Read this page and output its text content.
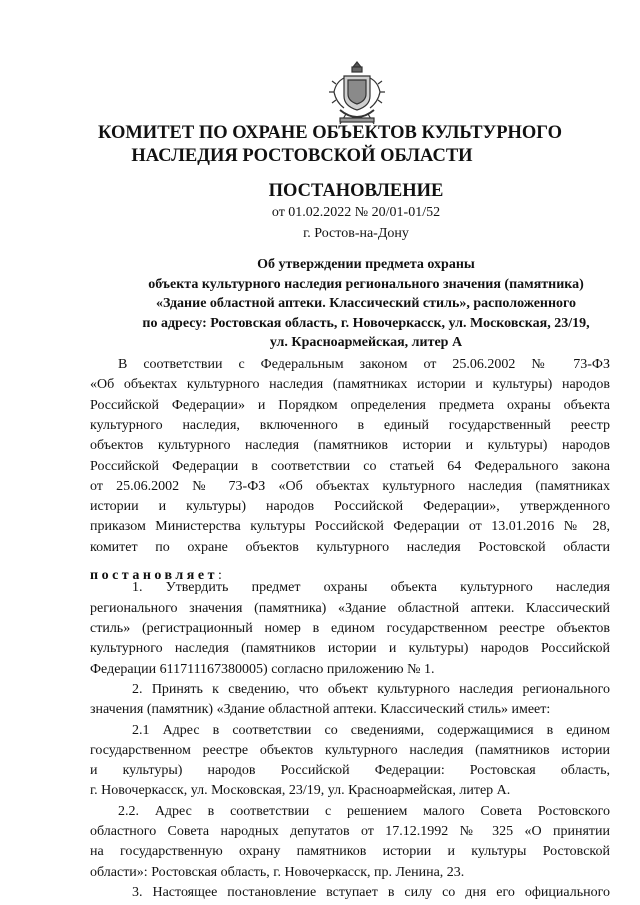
КОМИТЕТ ПО ОХРАНЕ ОБЪЕКТОВ КУЛЬТУРНОГО
НАСЛЕДИЯ РОСТОВСКОЙ ОБЛАСТИ
ПОСТАНОВЛЕНИЕ
от 01.02.2022 № 20/01-01/52
г. Ростов-на-Дону
Об утверждении предмета охраны
объекта культурного наследия регионального значения (памятника)
«Здание областной аптеки. Классический стиль», расположенного
по адресу: Ростовская область, г. Новочеркасск, ул. Московская, 23/19,
ул. Красноармейская, литер А
В соответствии с Федеральным законом от 25.06.2002 № 73-ФЗ
«Об объектах культурного наследия (памятниках истории и культуры) народов
Российской Федерации» и Порядком определения предмета охраны объекта
культурного наследия, включенного в единый государственный реестр
объектов культурного наследия (памятников истории и культуры) народов
Российской Федерации в соответствии со статьей 64 Федерального закона
от 25.06.2002 № 73-ФЗ «Об объектах культурного наследия (памятниках
истории и культуры) народов Российской Федерации», утвержденного
приказом Министерства культуры Российской Федерации от 13.01.2016 № 28,
комитет по охране объектов культурного наследия Ростовской области
постановляет:
1. Утвердить предмет охраны объекта культурного наследия
регионального значения (памятника) «Здание областной аптеки. Классический
стиль» (регистрационный номер в едином государственном реестре объектов
культурного наследия (памятников истории и культуры) народов Российской
Федерации 611711167380005) согласно приложению № 1.
2. Принять к сведению, что объект культурного наследия регионального
значения (памятник) «Здание областной аптеки. Классический стиль» имеет:
2.1 Адрес в соответствии со сведениями, содержащимися в едином
государственном реестре объектов культурного наследия (памятников истории
и культуры) народов Российской Федерации: Ростовская область,
г. Новочеркасск, ул. Московская, 23/19, ул. Красноармейская, литер А.
2.2. Адрес в соответствии с решением малого Совета Ростовского
областного Совета народных депутатов от 17.12.1992 № 325 «О принятии
на государственную охрану памятников истории и культуры Ростовской
области»: Ростовская область, г. Новочеркасск, пр. Ленина, 23.
3. Настоящее постановление вступает в силу со дня его официального
